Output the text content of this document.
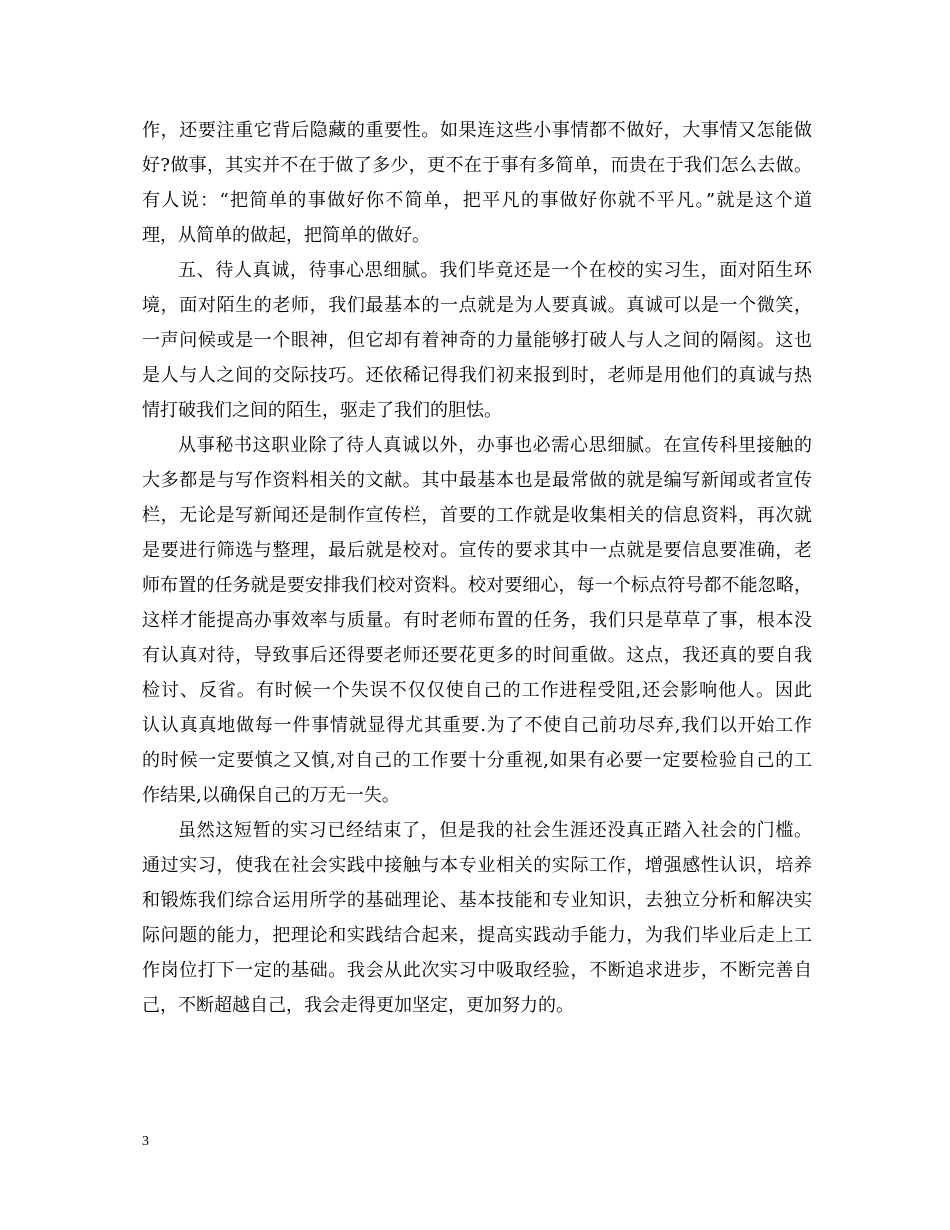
作，还要注重它背后隐藏的重要性。如果连这些小事情都不做好，大事情又怎能做
好?做事，其实并不在于做了多少，更不在于事有多简单，而贵在于我们怎么去做。
有人说：“把简单的事做好你不简单，把平凡的事做好你就不平凡。”就是这个道
理，从简单的做起，把简单的做好。
五、待人真诚，待事心思细腻。我们毕竟还是一个在校的实习生，面对陌生环
境，面对陌生的老师，我们最基本的一点就是为人要真诚。真诚可以是一个微笑，
一声问候或是一个眼神，但它却有着神奇的力量能够打破人与人之间的隔阂。这也
是人与人之间的交际技巧。还依稀记得我们初来报到时，老师是用他们的真诚与热
情打破我们之间的陌生，驱走了我们的胆怯。
从事秘书这职业除了待人真诚以外，办事也必需心思细腻。在宣传科里接触的
大多都是与写作资料相关的文献。其中最基本也是最常做的就是编写新闻或者宣传
栏，无论是写新闻还是制作宣传栏，首要的工作就是收集相关的信息资料，再次就
是要进行筛选与整理，最后就是校对。宣传的要求其中一点就是要信息要准确，老
师布置的任务就是要安排我们校对资料。校对要细心，每一个标点符号都不能忽略，
这样才能提高办事效率与质量。有时老师布置的任务，我们只是草草了事，根本没
有认真对待，导致事后还得要老师还要花更多的时间重做。这点，我还真的要自我
检讨、反省。有时候一个失误不仅仅使自己的工作进程受阻,还会影响他人。因此
认认真真地做每一件事情就显得尤其重要.为了不使自己前功尽弃,我们以开始工作
的时候一定要慎之又慎,对自己的工作要十分重视,如果有必要一定要检验自己的工
作结果,以确保自己的万无一失。
虽然这短暂的实习已经结束了，但是我的社会生涯还没真正踏入社会的门槛。
通过实习，使我在社会实践中接触与本专业相关的实际工作，增强感性认识，培养
和锻炼我们综合运用所学的基础理论、基本技能和专业知识，去独立分析和解决实
际问题的能力，把理论和实践结合起来，提高实践动手能力，为我们毕业后走上工
作岗位打下一定的基础。我会从此次实习中吸取经验，不断追求进步，不断完善自
己，不断超越自己，我会走得更加坚定，更加努力的。
3
